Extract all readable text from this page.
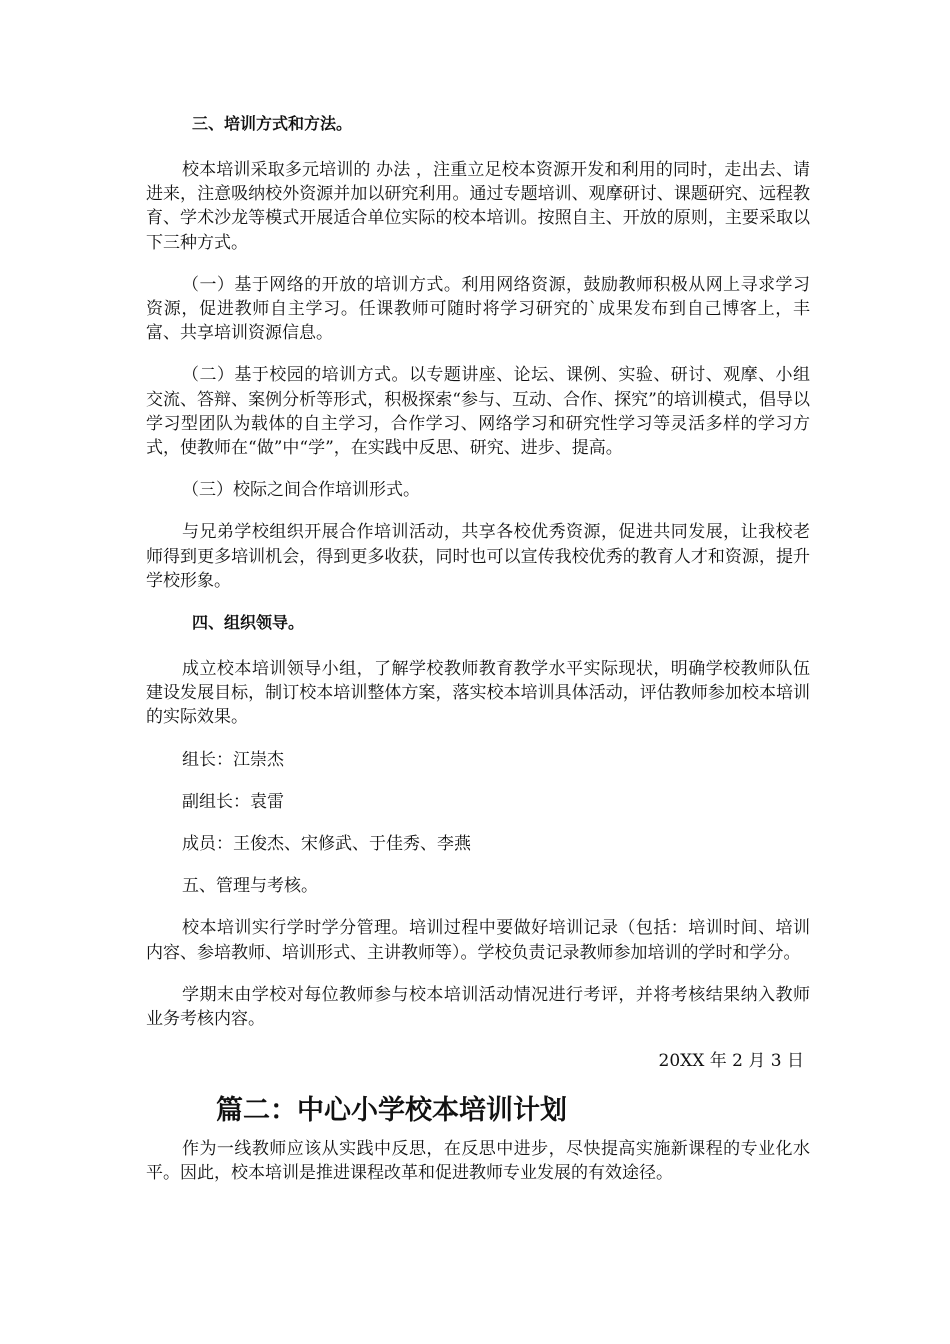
三、培训方式和方法。

校本培训采取多元培训的 办法 ，注重立足校本资源开发和利用的同时，走出去、请进来，注意吸纳校外资源并加以研究利用。通过专题培训、观摩研讨、课题研究、远程教育、学术沙龙等模式开展适合单位实际的校本培训。按照自主、开放的原则，主要采取以下三种方式。

（一）基于网络的开放的培训方式。利用网络资源，鼓励教师积极从网上寻求学习资源，促进教师自主学习。任课教师可随时将学习研究的`成果发布到自己博客上，丰富、共享培训资源信息。

（二）基于校园的培训方式。以专题讲座、论坛、课例、实验、研讨、观摩、小组交流、答辩、案例分析等形式，积极探索“参与、互动、合作、探究”的培训模式，倡导以学习型团队为载体的自主学习，合作学习、网络学习和研究性学习等灵活多样的学习方式，使教师在“做”中“学”，在实践中反思、研究、进步、提高。

（三）校际之间合作培训形式。

与兄弟学校组织开展合作培训活动，共享各校优秀资源，促进共同发展，让我校老师得到更多培训机会，得到更多收获，同时也可以宣传我校优秀的教育人才和资源，提升学校形象。

四、组织领导。

成立校本培训领导小组，了解学校教师教育教学水平实际现状，明确学校教师队伍建设发展目标，制订校本培训整体方案，落实校本培训具体活动，评估教师参加校本培训的实际效果。

组长：江崇杰

副组长：袁雷

成员：王俊杰、宋修武、于佳秀、李燕

五、管理与考核。

校本培训实行学时学分管理。培训过程中要做好培训记录（包括：培训时间、培训内容、参培教师、培训形式、主讲教师等）。学校负责记录教师参加培训的学时和学分。

学期末由学校对每位教师参与校本培训活动情况进行考评，并将考核结果纳入教师业务考核内容。

20XX 年 2 月 3 日
篇二：中心小学校本培训计划

作为一线教师应该从实践中反思，在反思中进步，尽快提高实施新课程的专业化水平。因此，校本培训是推进课程改革和促进教师专业发展的有效途径。
